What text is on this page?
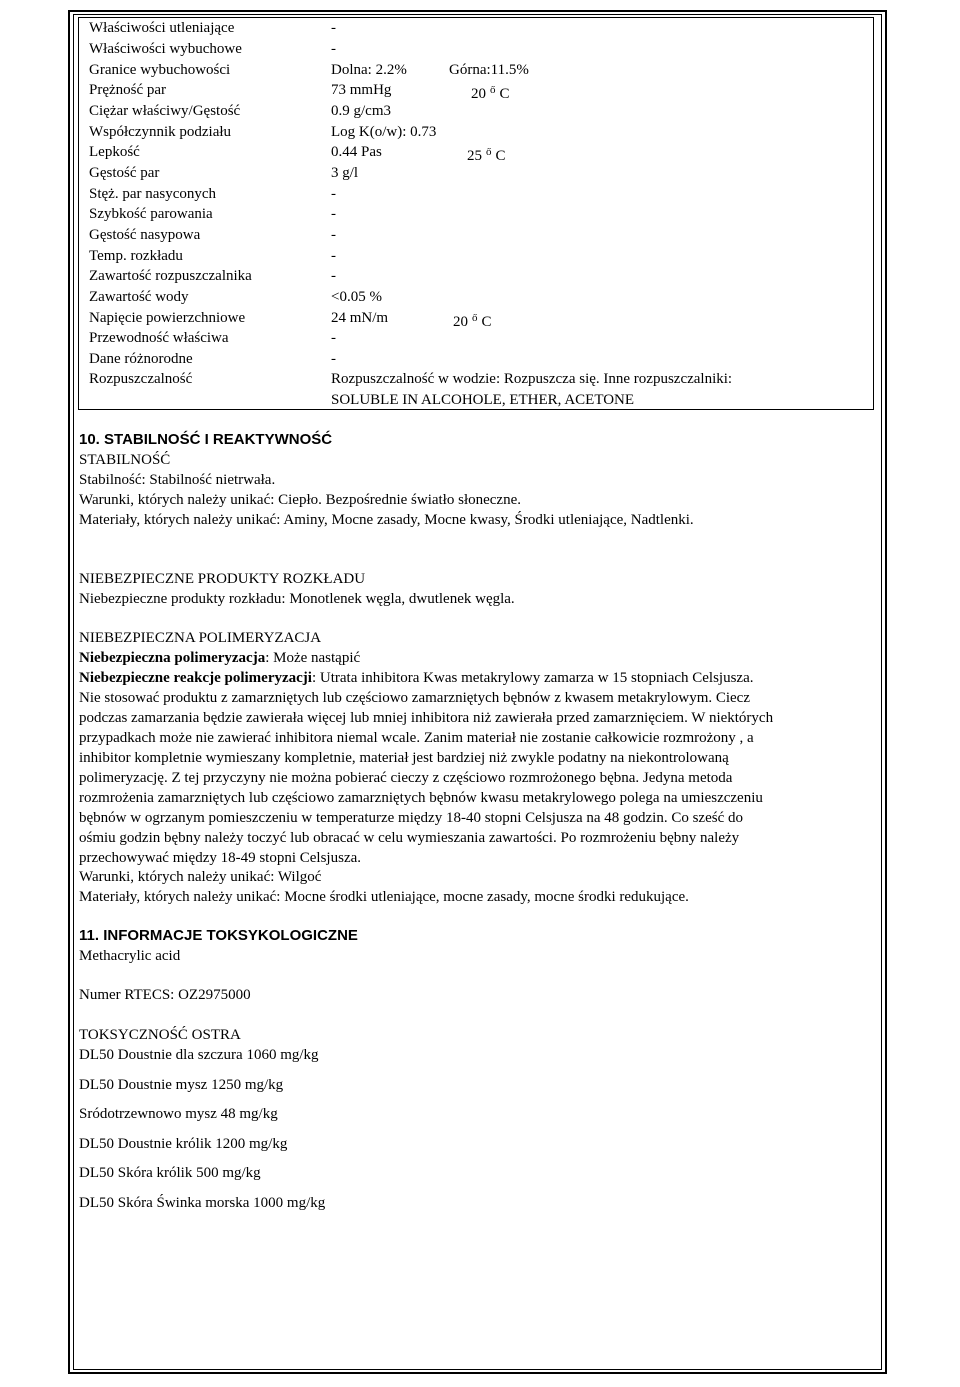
Właściwości utleniające	-
Właściwości wybuchowe	-
Granice wybuchowości	Dolna: 2.2%	Górna:11.5%
Prężność par	73 mmHg	20 ő C
Ciężar właściwy/Gęstość	0.9 g/cm3
Współczynnik podziału	Log K(o/w): 0.73
Lepkość	0.44 Pas	25 ő C
Gęstość par	3 g/l
Stęż. par nasyconych	-
Szybkość parowania	-
Gęstość nasypowa	-
Temp. rozkładu	-
Zawartość rozpuszczalnika	-
Zawartość wody	<0.05 %
Napięcie powierzchniowe	24 mN/m	20 ő C
Przewodność właściwa	-
Dane różnorodne	-
Rozpuszczalność	Rozpuszczalność w wodzie: Rozpuszcza się. Inne rozpuszczalniki:
SOLUBLE IN ALCOHOLE, ETHER, ACETONE
10. STABILNOŚĆ I REAKTYWNOŚĆ
STABILNOŚĆ
Stabilność: Stabilność nietrwała.
Warunki, których należy unikać: Ciepło. Bezpośrednie światło słoneczne.
Materiały, których należy unikać: Aminy, Mocne zasady, Mocne kwasy, Środki utleniające, Nadtlenki.
NIEBEZPIECZNE PRODUKTY ROZKŁADU
Niebezpieczne produkty rozkładu: Monotlenek węgla, dwutlenek węgla.
NIEBEZPIECZNA POLIMERYZACJA
Niebezpieczna polimeryzacja: Może nastąpić
Niebezpieczne reakcje polimeryzacji: Utrata inhibitora Kwas metakrylowy zamarza w 15 stopniach Celsjusza.
Nie stosować produktu z zamarzniętych lub częściowo zamarzniętych bębnów z kwasem metakrylowym. Ciecz
podczas zamarzania będzie zawierała więcej lub mniej inhibitora niż zawierała przed zamarznięciem. W niektórych
przypadkach może nie zawierać inhibitora niemal wcale. Zanim materiał nie zostanie całkowicie rozmrożony , a
inhibitor kompletnie wymieszany kompletnie, materiał jest bardziej niż zwykle podatny na niekontrolowaną
polimeryzację. Z tej przyczyny nie można pobierać cieczy z częściowo rozmrożonego bębna. Jedyna metoda
rozmrożenia zamarzniętych lub częściowo zamarzniętych bębnów kwasu metakrylowego polega na umieszczeniu
bębnów w ogrzanym pomieszczeniu w temperaturze między 18-40 stopni Celsjusza na 48 godzin. Co sześć do
ośmiu godzin bębny należy toczyć lub obracać w celu wymieszania zawartości. Po rozmrożeniu bębny należy
przechowywać między 18-49 stopni Celsjusza.
Warunki, których należy unikać: Wilgoć
Materiały, których należy unikać: Mocne środki utleniające, mocne zasady, mocne środki redukujące.
11. INFORMACJE TOKSYKOLOGICZNE
Methacrylic acid
Numer RTECS: OZ2975000
TOKSYCZNOŚĆ OSTRA
DL50 Doustnie dla szczura 1060 mg/kg
DL50 Doustnie mysz 1250 mg/kg
Sródotrzewnowo mysz 48 mg/kg
DL50 Doustnie królik 1200 mg/kg
DL50 Skóra królik 500 mg/kg
DL50 Skóra Świnka morska 1000 mg/kg
